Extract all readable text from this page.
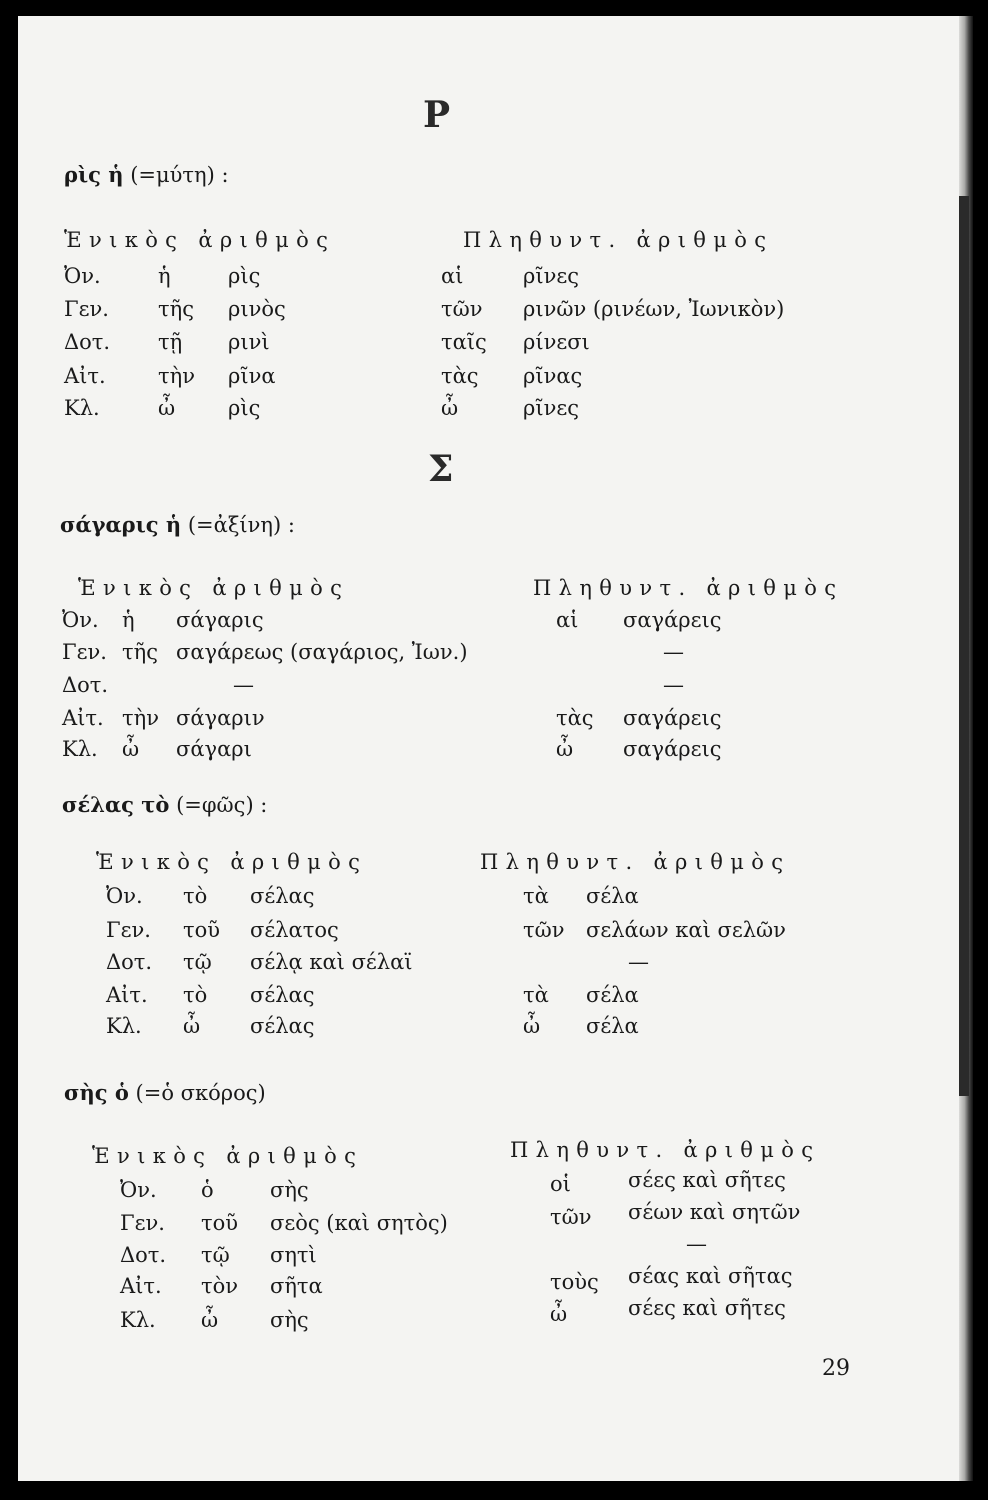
Ρ
ρὶς ἡ (=μύτη) :
Ἑνικὸς ἀριθμὸς	Πληθυντ. ἀριθμὸς
Ὀν.	ἡ	ρὶς	αἱ	ρῖνες
Γεν. τῆς ρινὸς	τῶν ρινῶν (ρινέων, Ἰωνικὸν)
Δοτ. τῇ ρινὶ	ταῖς ρίνεσι
Αἰτ. τὴν ρῖνα	τὰς ρῖνας
Κλ.	ὦ	ρὶς	ὦ	ρῖνες
Σ
σάγαρις ἡ (=ἀξίνη) :
Ἑνικὸς ἀριθμὸς	Πληθυντ. ἀριθμὸς
Ὀν. ἡ σάγαρις	αἱ σαγάρεις
Γεν. τῆς σαγάρεως (σαγάριος, Ἰων.)	—
Δοτ.	—	—
Αἰτ. τὴν σάγαριν	τὰς σαγάρεις
Κλ. ὦ σάγαρι	ὦ σαγάρεις
σέλας τὸ (=φῶς) :
Ἑνικὸς ἀριθμὸς	Πληθυντ. ἀριθμὸς
Ὀν. τὸ σέλας	τὰ σέλα
Γεν. τοῦ σέλατος	τῶν σελάων καὶ σελῶν
Δοτ. τῷ σέλᾳ καὶ σέλαϊ	—
Αἰτ. τὸ σέλας	τὰ σέλα
Κλ. ὦ σέλας	ὦ σέλα
σὴς ὁ (=ὁ σκόρος)
Ἑνικὸς ἀριθμὸς	Πληθυντ. ἀριθμὸς
Ὀν. ὁ	σὴς	οἱ	σέες καὶ σῆτες
Γεν. τοῦ σεὸς (καὶ σητὸς)	τῶν σέων καὶ σητῶν
Δοτ. τῷ σητὶ	—
Αἰτ. τὸν σῆτα	τοὺς σέας καὶ σῆτας
Κλ. ὦ σὴς	ὦ	σέες καὶ σῆτες
29
